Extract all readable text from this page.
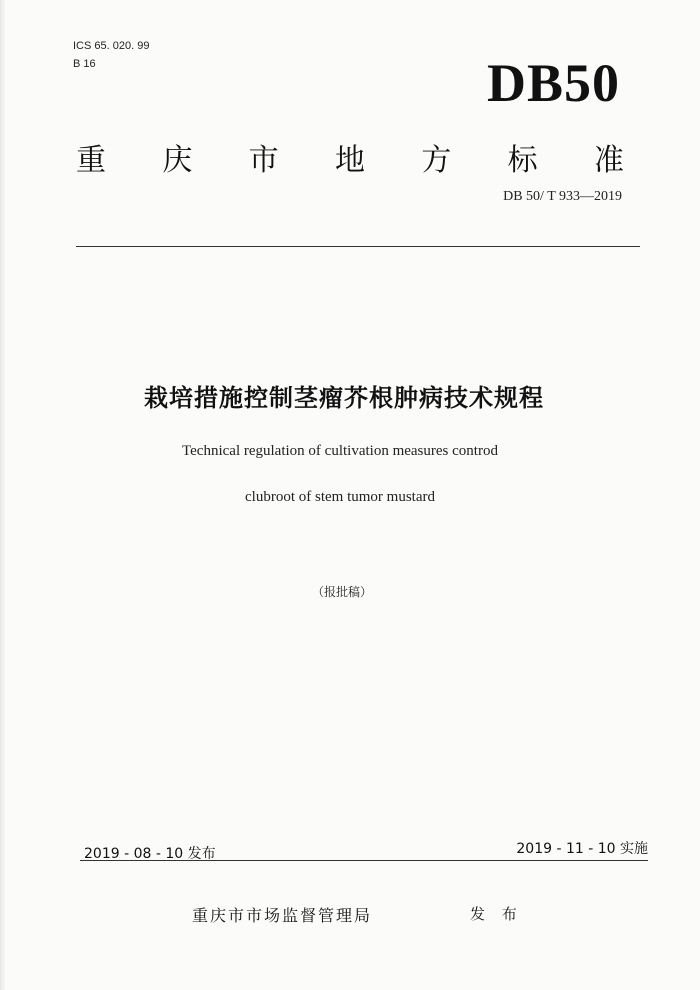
ICS 65. 020. 99
B 16	DB50
重 庆 市 地 方 标 准
DB 50/ T 933—2019
栽培措施控制茎瘤芥根肿病技术规程
Technical regulation of cultivation measures controd
clubroot of stem tumor mustard
（报批稿）
2019 - 08 - 10 发布	2019 - 11 - 10 实施
重庆市市场监督管理局	发 布
